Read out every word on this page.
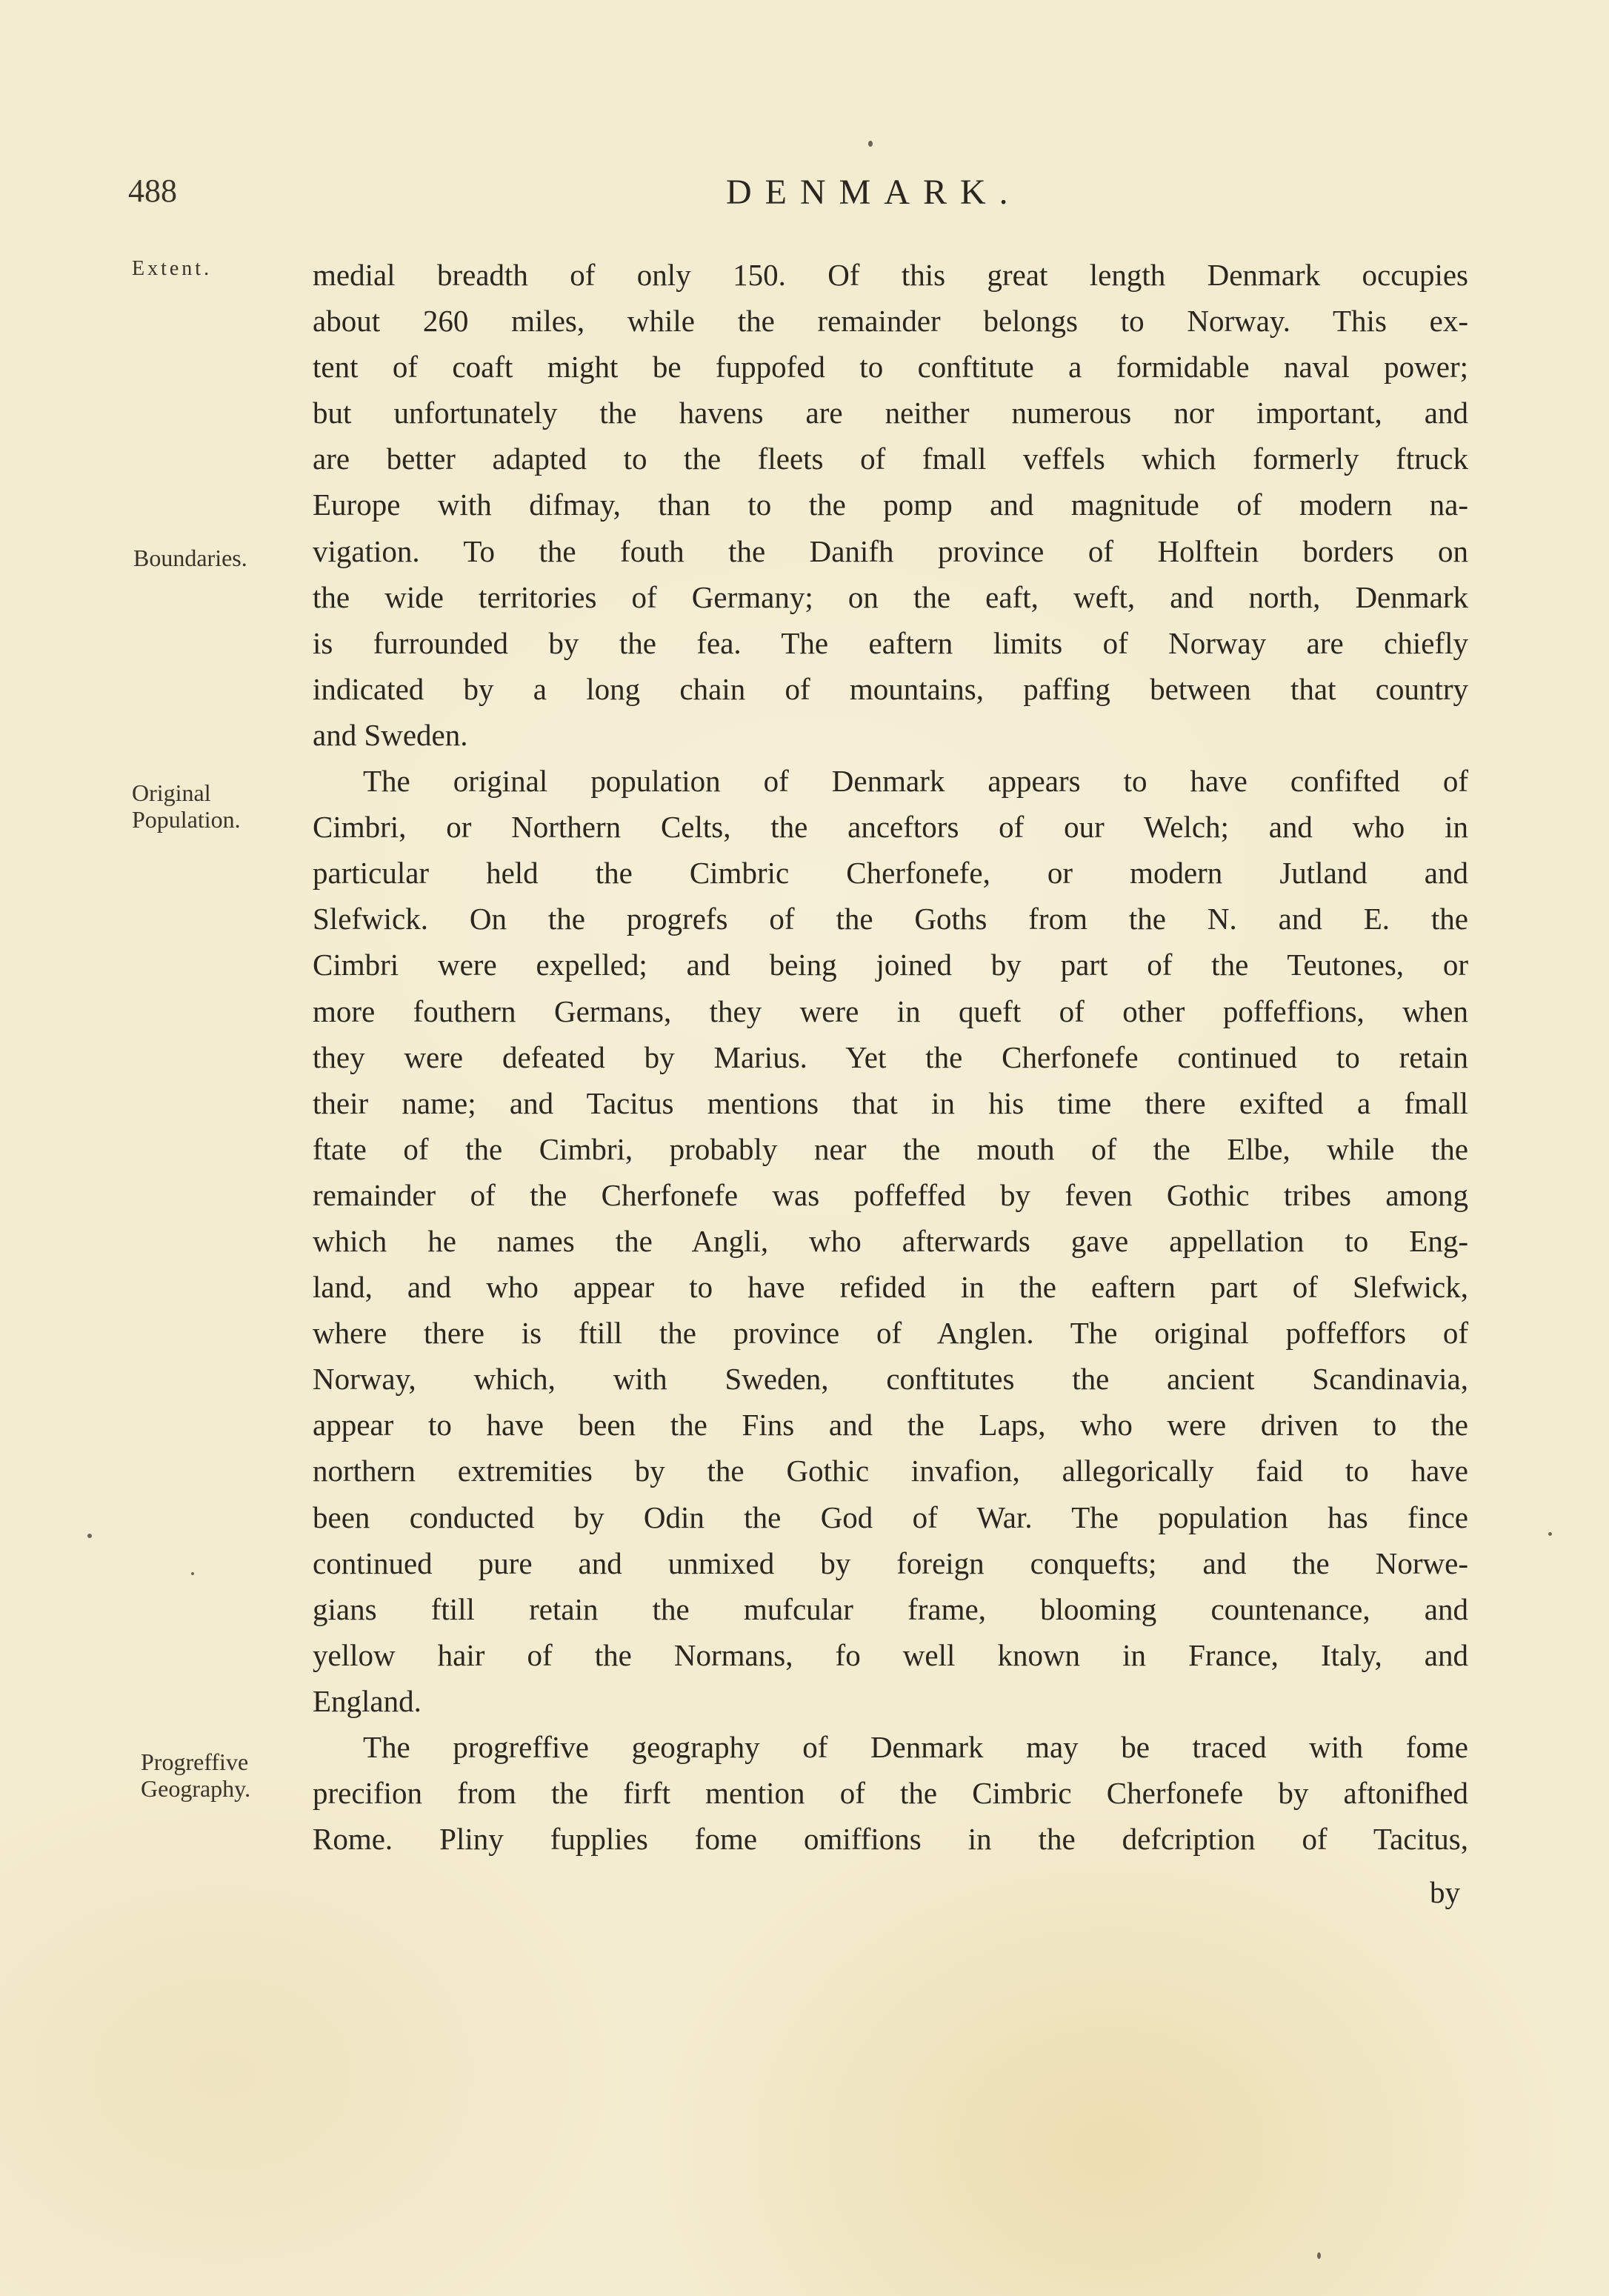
488	DENMARK.
Extent.
Boundaries.
Original
Population.
Progreffive
Geography.
medial breadth of only 150. Of this great length Denmark occupies
about 260 miles, while the remainder belongs to Norway. This ex-
tent of coaft might be fuppofed to conftitute a formidable naval power;
but unfortunately the havens are neither numerous nor important, and
are better adapted to the fleets of fmall veffels which formerly ftruck
Europe with difmay, than to the pomp and magnitude of modern na-
vigation. To the fouth the Danifh province of Holftein borders on
the wide territories of Germany; on the eaft, weft, and north, Denmark
is furrounded by the fea. The eaftern limits of Norway are chiefly
indicated by a long chain of mountains, paffing between that country
and Sweden.
The original population of Denmark appears to have confifted of
Cimbri, or Northern Celts, the anceftors of our Welch; and who in
particular held the Cimbric Cherfonefe, or modern Jutland and
Slefwick. On the progrefs of the Goths from the N. and E. the
Cimbri were expelled; and being joined by part of the Teutones, or
more fouthern Germans, they were in queft of other poffeffions, when
they were defeated by Marius. Yet the Cherfonefe continued to retain
their name; and Tacitus mentions that in his time there exifted a fmall
ftate of the Cimbri, probably near the mouth of the Elbe, while the
remainder of the Cherfonefe was poffeffed by feven Gothic tribes among
which he names the Angli, who afterwards gave appellation to Eng-
land, and who appear to have refided in the eaftern part of Slefwick,
where there is ftill the province of Anglen. The original poffeffors of
Norway, which, with Sweden, conftitutes the ancient Scandinavia,
appear to have been the Fins and the Laps, who were driven to the
northern extremities by the Gothic invafion, allegorically faid to have
been conducted by Odin the God of War. The population has fince
continued pure and unmixed by foreign conquefts; and the Norwe-
gians ftill retain the mufcular frame, blooming countenance, and
yellow hair of the Normans, fo well known in France, Italy, and
England.
The progreffive geography of Denmark may be traced with fome
precifion from the firft mention of the Cimbric Cherfonefe by aftonifhed
Rome. Pliny fupplies fome omiffions in the defcription of Tacitus,
by
